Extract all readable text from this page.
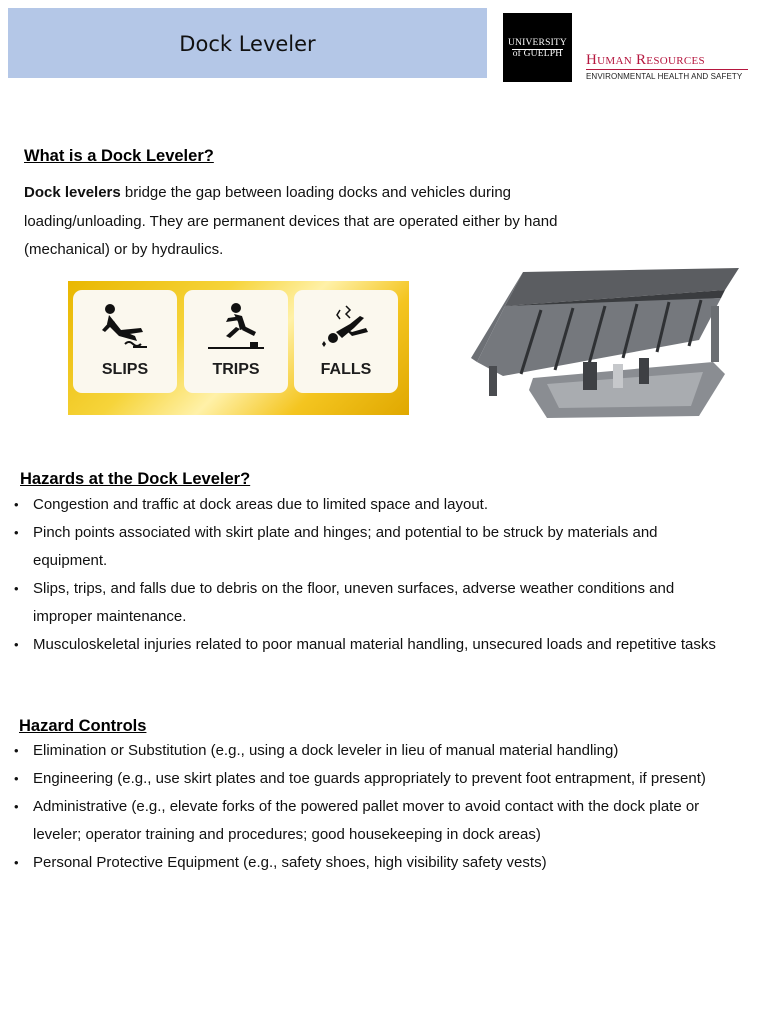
Dock Leveler	UNIVERSITY
of GUELPH	Human Resources
ENVIRONMENTAL HEALTH AND SAFETY
What is a Dock Leveler?
Dock levelers bridge the gap between loading docks and vehicles during loading/unloading. They are permanent devices that are operated either by hand (mechanical) or by hydraulics.
SLIPS	TRIPS	FALLS
Hazards at the Dock Leveler?
• Congestion and traffic at dock areas due to limited space and layout.
• Pinch points associated with skirt plate and hinges; and potential to be struck by materials and equipment.
• Slips, trips, and falls due to debris on the floor, uneven surfaces, adverse weather conditions and improper maintenance.
• Musculoskeletal injuries related to poor manual material handling, unsecured loads and repetitive tasks
Hazard Controls
• Elimination or Substitution (e.g., using a dock leveler in lieu of manual material handling)
• Engineering (e.g., use skirt plates and toe guards appropriately to prevent foot entrapment, if present)
• Administrative (e.g., elevate forks of the powered pallet mover to avoid contact with the dock plate or leveler; operator training and procedures; good housekeeping in dock areas)
• Personal Protective Equipment (e.g., safety shoes, high visibility safety vests)
